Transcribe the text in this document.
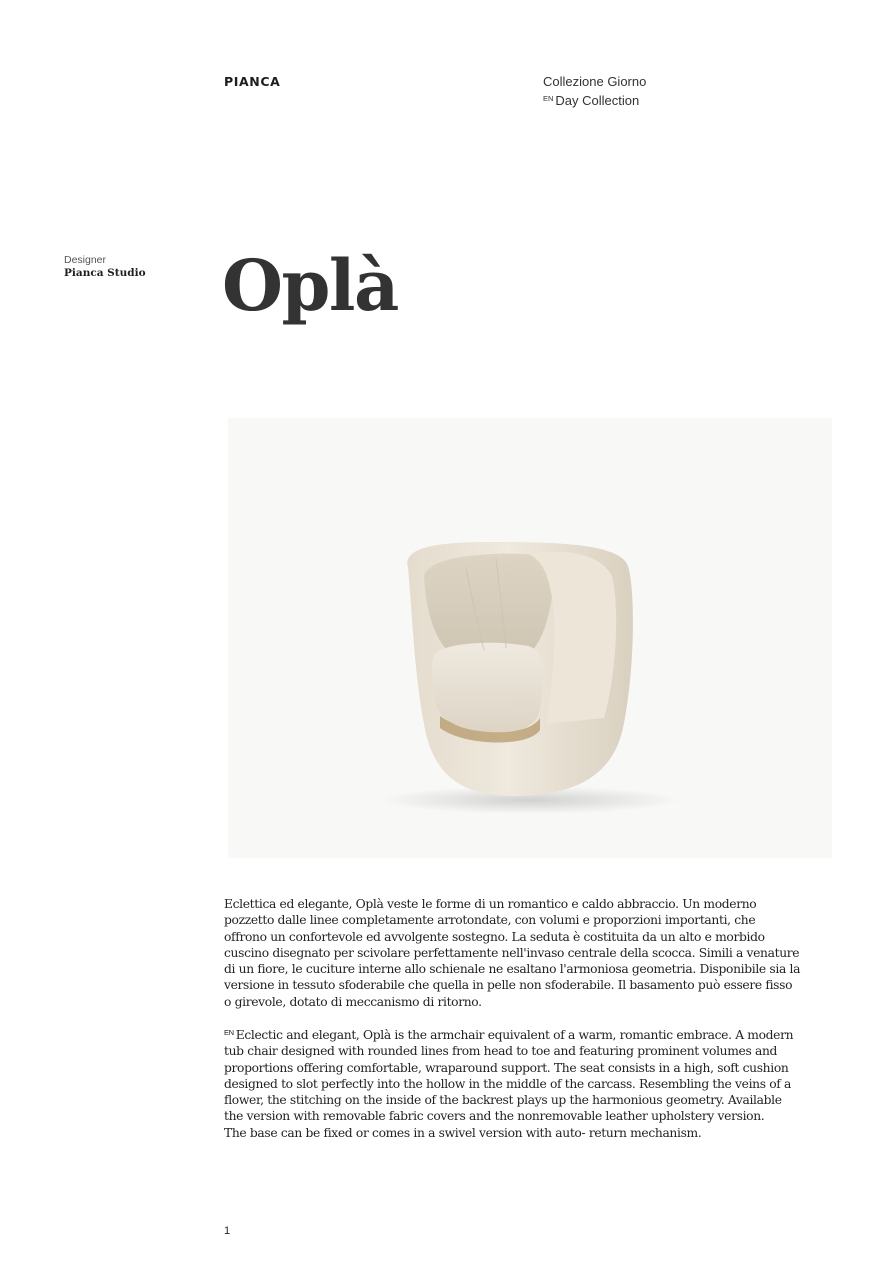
PIANCA	Collezione Giorno
$^{EN}$ Day Collection
Designer
Pianca Studio Oplà

Eclettica ed elegante, Oplà veste le forme di un romantico e caldo abbraccio. Un moderno
pozzetto dalle linee completamente arrotondate, con volumi e proporzioni importanti, che
offrono un confortevole ed avvolgente sostegno. La seduta è costituita da un alto e morbido
cuscino disegnato per scivolare perfettamente nell'invaso centrale della scocca. Simili a venature
di un fiore, le cuciture interne allo schienale ne esaltano l'armoniosa geometria. Disponibile sia la
versione in tessuto sfoderabile che quella in pelle non sfoderabile. Il basamento può essere fisso
o girevole, dotato di meccanismo di ritorno.

$^{EN}$ Eclectic and elegant, Oplà is the armchair equivalent of a warm, romantic embrace. A modern
tub chair designed with rounded lines from head to toe and featuring prominent volumes and
proportions offering comfortable, wraparound support. The seat consists in a high, soft cushion
designed to slot perfectly into the hollow in the middle of the carcass. Resembling the veins of a
flower, the stitching on the inside of the backrest plays up the harmonious geometry. Available
the version with removable fabric covers and the nonremovable leather upholstery version.
The base can be fixed or comes in a swivel version with auto- return mechanism.

1
